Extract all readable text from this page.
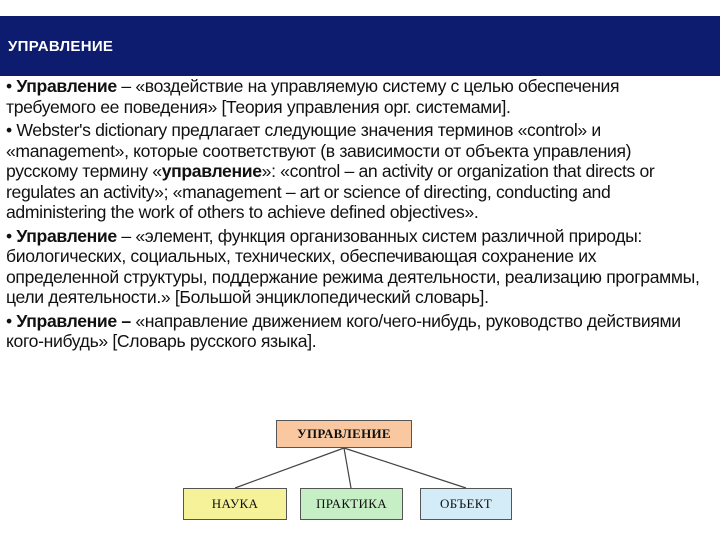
УПРАВЛЕНИЕ

• Управление – «воздействие на управляемую систему с целью обеспечения требуемого ее поведения» [Теория управления орг. системами].

• Webster's dictionary предлагает следующие значения терминов «control» и «management», которые соответствуют (в зависимости от объекта управления) русскому термину «управление»: «control – an activity or organization that directs or regulates an activity»; «management – art or science of directing, conducting and administering the work of others to achieve defined objectives».

• Управление – «элемент, функция организованных систем различной природы: биологических, социальных, технических, обеспечивающая сохранение их определенной структуры, поддержание режима деятельности, реализацию программы, цели деятельности.» [Большой энциклопедический словарь].

• Управление – «направление движением кого/чего-нибудь, руководство действиями кого-нибудь» [Словарь русского языка].

УПРАВЛЕНИЕ
НАУКА	ПРАКТИКА	ОБЪЕКТ
